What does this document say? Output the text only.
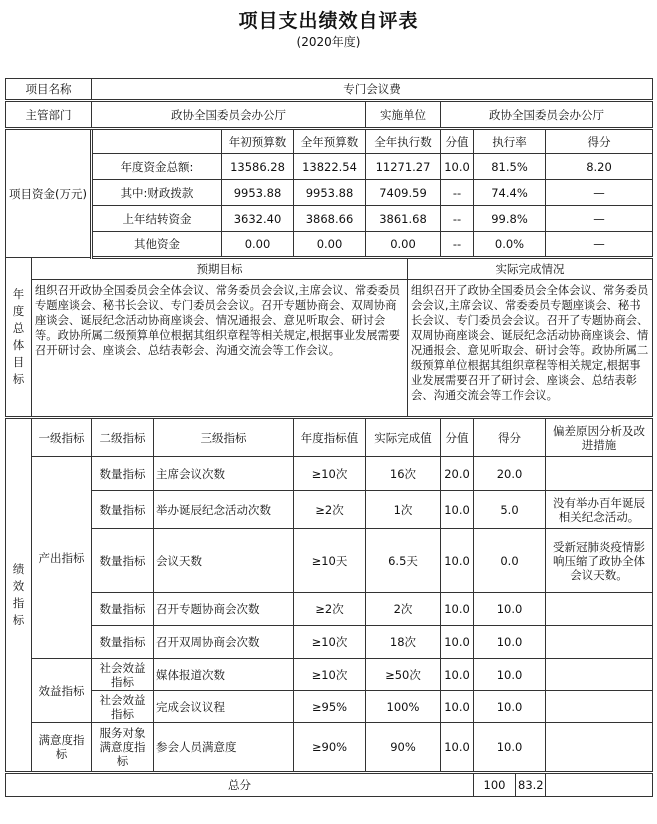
项目支出绩效自评表
(2020年度)
项目名称		专门会议费									
主管部门		政协全国委员会办公厅				实施单位		政协全国委员会办公厅			
项目资金(万元)				年初预算数	全年预算数	全年执行数		分值	执行率		得分
		年度资金总额:		13586.28	13822.54	11271.27		10.0	81.5%		8.20
		其中:财政拨款		9953.88	9953.88	7409.59		--	74.4%		—
		上年结转资金		3632.40	3868.66	3861.68		--	99.8%		—
		其他资金		0.00	0.00	0.00		--	0.0%		—
年度总体目标	预期目标						实际完成情况				
	组织召开政协全国委员会全体会议、常务委员会会议,主席会议、常委委员专题座谈会、秘书长会议、专门委员会会议。召开专题协商会、双周协商座谈会、诞辰纪念活动协商座谈会、情况通报会、意见听取会、研讨会等。政协所属二级预算单位根据其组织章程等相关规定,根据事业发展需要召开研讨会、座谈会、总结表彰会、沟通交流会等工作会议。						组织召开了政协全国委员会全体会议、常务委员会会议,主席会议、常委委员专题座谈会、秘书长会议、专门委员会会议。召开了专题协商会、双周协商座谈会、诞辰纪念活动协商座谈会、情况通报会、意见听取会、研讨会等。政协所属二级预算单位根据其组织章程等相关规定,根据事业发展需要召开了研讨会、座谈会、总结表彰会、沟通交流会等工作会议。				
绩效指标	一级指标	二级指标	三级指标		年度指标值	实际完成值		分值	得分		偏差原因分析及改进措施
	产出指标	数量指标	主席会议次数		≥10次	16次		20.0	20.0		
		数量指标	举办诞辰纪念活动次数		≥2次	1次		10.0	5.0		没有举办百年诞辰相关纪念活动。
		数量指标	会议天数		≥10天	6.5天		10.0	0.0		受新冠肺炎疫情影响压缩了政协全体会议天数。
		数量指标	召开专题协商会次数		≥2次	2次		10.0	10.0		
		数量指标	召开双周协商会次数		≥10次	18次		10.0	10.0		
	效益指标	社会效益指标	媒体报道次数		≥10次	≥50次		10.0	10.0		
		社会效益指标	完成会议议程		≥95%	100%		10.0	10.0		
	满意度指标	服务对象满意度指标	参会人员满意度		≥90%	90%		10.0	10.0		
总分									100	83.2	
